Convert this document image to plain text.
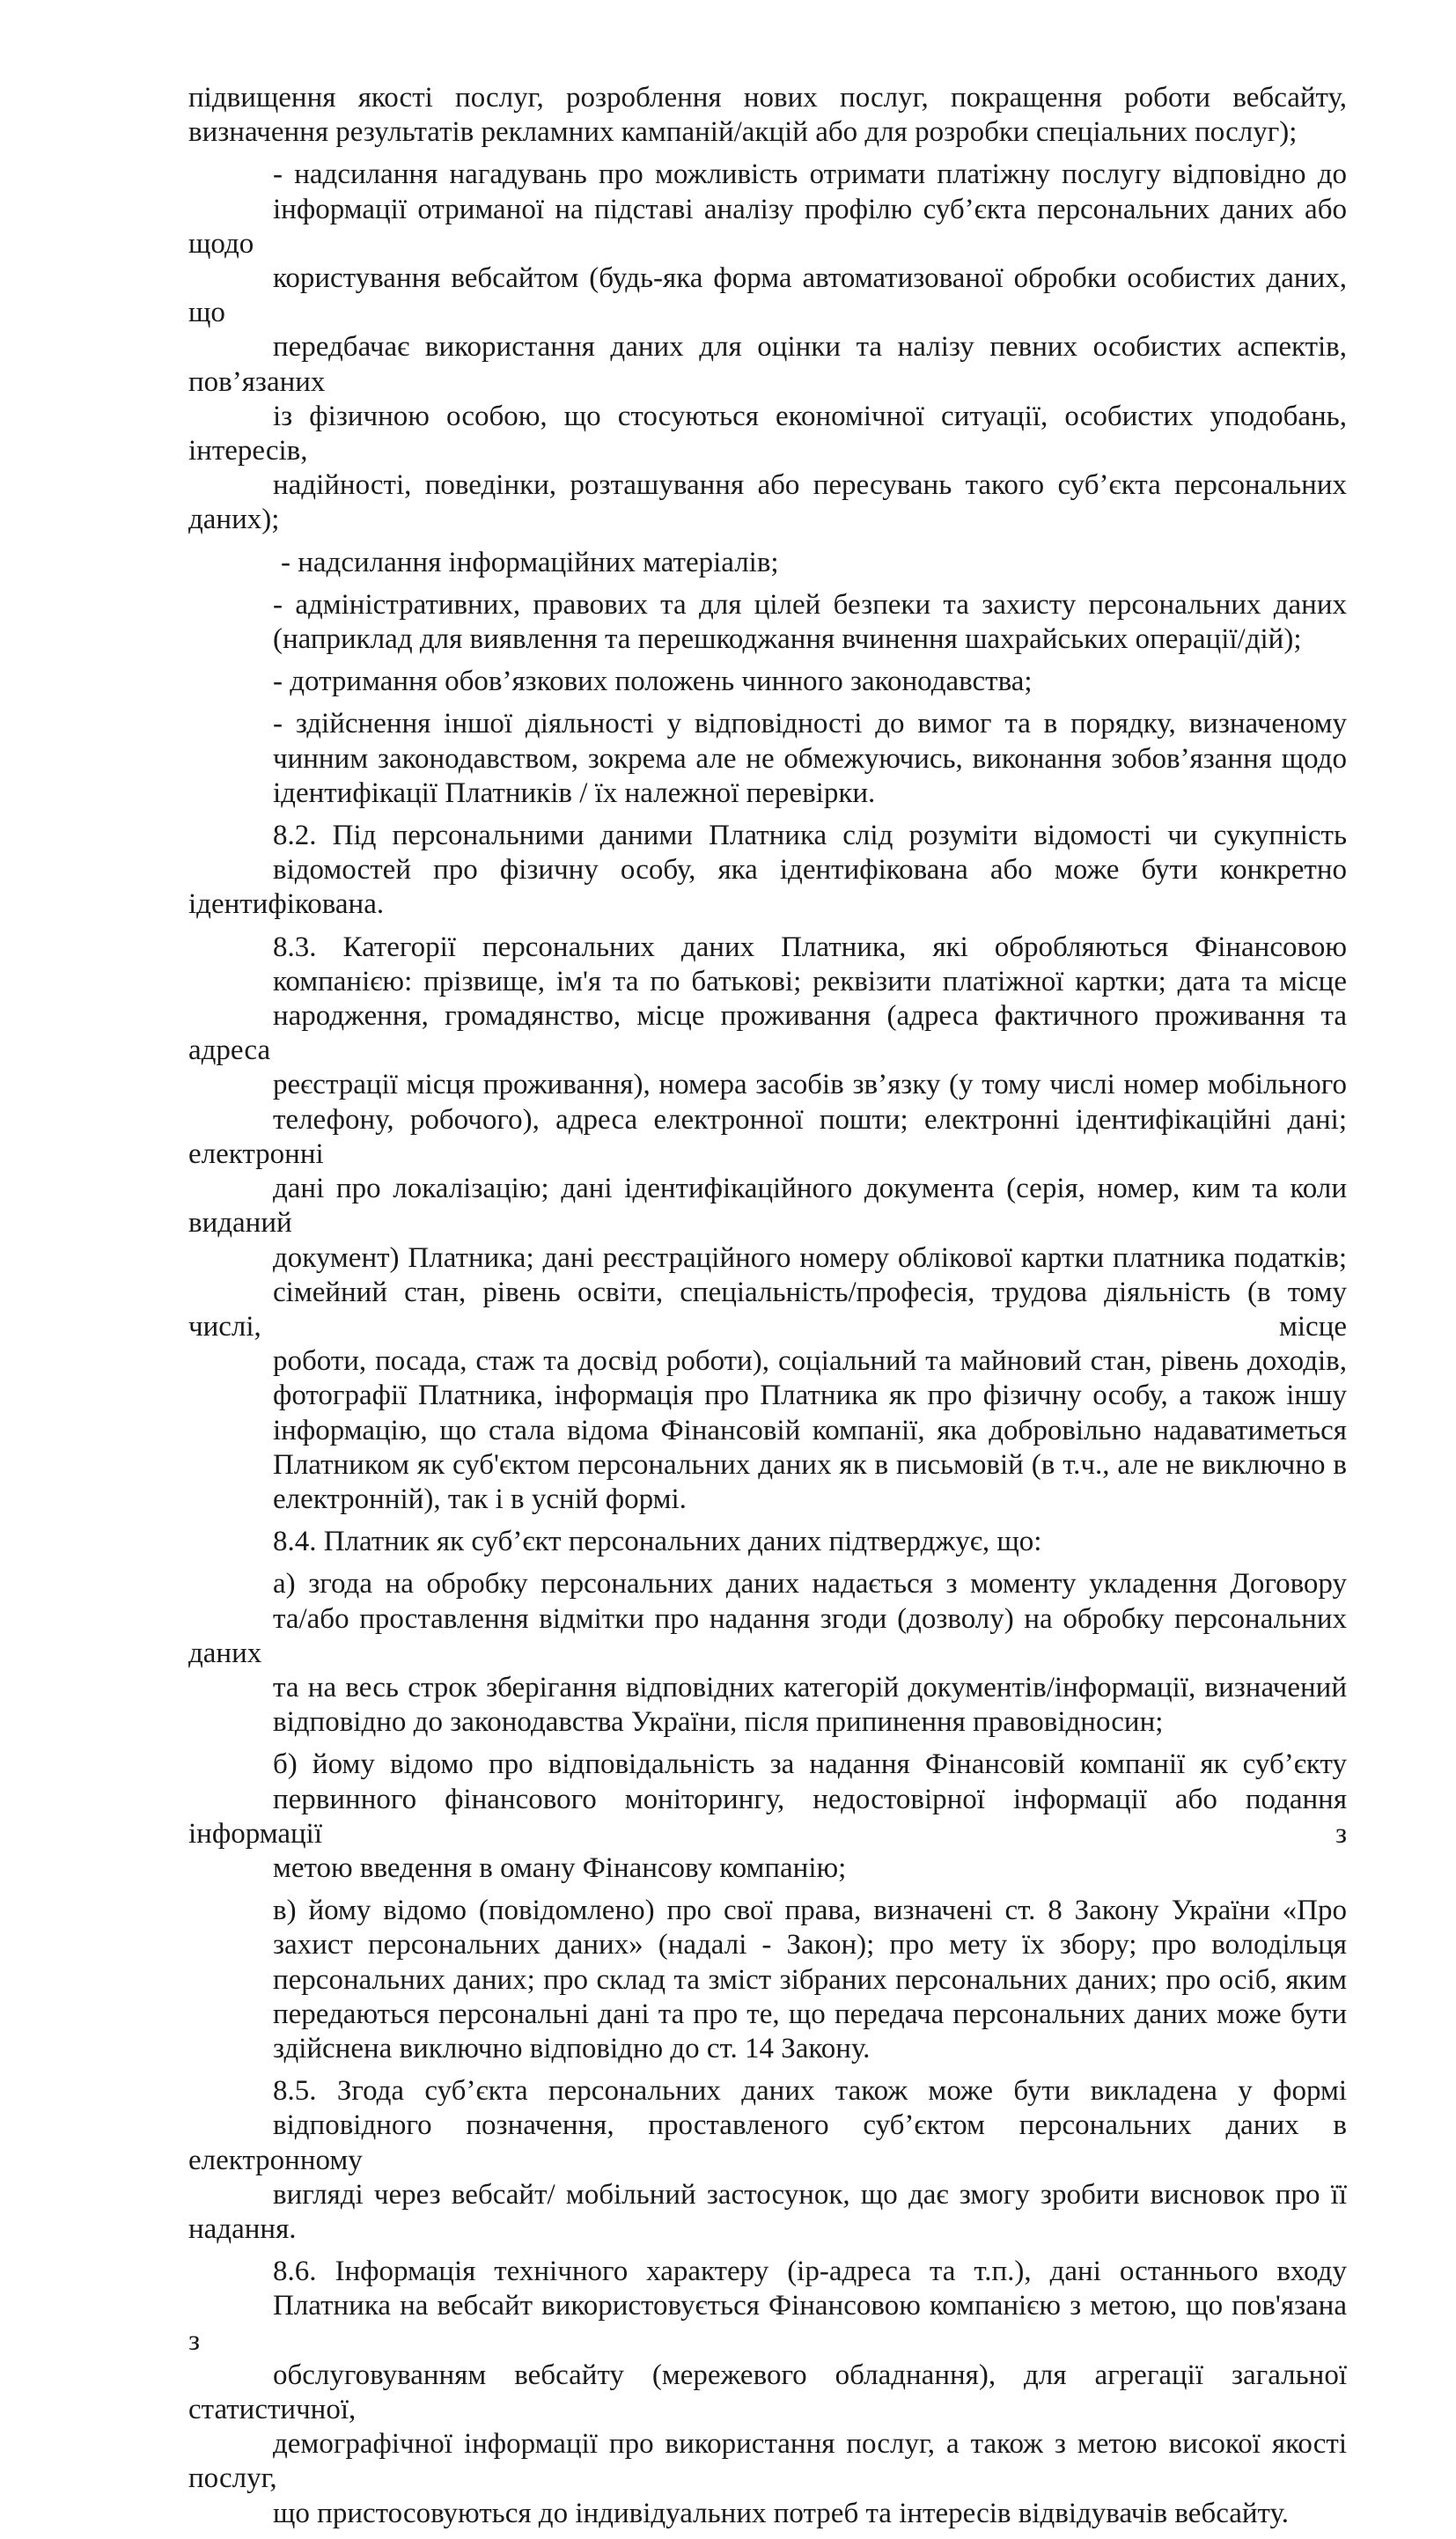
підвищення якості послуг, розроблення нових послуг, покращення роботи вебсайту,
визначення результатів рекламних кампаній/акцій або для розробки спеціальних послуг);

- надсилання нагадувань про можливість отримати платіжну послугу відповідно до
інформації отриманої на підставі аналізу профілю суб’єкта персональних даних або щодо
користування вебсайтом (будь-яка форма автоматизованої обробки особистих даних, що
передбачає використання даних для оцінки та налізу певних особистих аспектів, пов’язаних
із фізичною особою, що стосуються економічної ситуації, особистих уподобань, інтересів,
надійності, поведінки, розташування або пересувань такого суб’єкта персональних даних);

- надсилання інформаційних матеріалів;

- адміністративних, правових та для цілей безпеки та захисту персональних даних
(наприклад для виявлення та перешкоджання вчинення шахрайських операції/дій);

- дотримання обов’язкових положень чинного законодавства;

- здійснення іншої діяльності у відповідності до вимог та в порядку, визначеному
чинним законодавством, зокрема але не обмежуючись, виконання зобов’язання щодо
ідентифікації Платників / їх належної перевірки.

8.2. Під персональними даними Платника слід розуміти відомості чи сукупність
відомостей про фізичну особу, яка ідентифікована або може бути конкретно ідентифікована.

8.3. Категорії персональних даних Платника, які обробляються Фінансовою
компанією: прізвище, ім'я та по батькові; реквізити платіжної картки; дата та місце
народження, громадянство, місце проживання (адреса фактичного проживання та адреса
реєстрації місця проживання), номера засобів зв’язку (у тому числі номер мобільного
телефону, робочого), адреса електронної пошти; електронні ідентифікаційні дані; електронні
дані про локалізацію; дані ідентифікаційного документа (серія, номер, ким та коли виданий
документ) Платника; дані реєстраційного номеру облікової картки платника податків;
сімейний стан, рівень освіти, спеціальність/професія, трудова діяльність (в тому числі, місце
роботи, посада, стаж та досвід роботи), соціальний та майновий стан, рівень доходів,
фотографії Платника, інформація про Платника як про фізичну особу, а також іншу
інформацію, що стала відома Фінансовій компанії, яка добровільно надаватиметься
Платником як суб'єктом персональних даних як в письмовій (в т.ч., але не виключно в
електронній), так і в усній формі.

8.4. Платник як суб’єкт персональних даних підтверджує, що:

а) згода на обробку персональних даних надається з моменту укладення Договору
та/або проставлення відмітки про надання згоди (дозволу) на обробку персональних даних
та на весь строк зберігання відповідних категорій документів/інформації, визначений
відповідно до законодавства України, після припинення правовідносин;

б) йому відомо про відповідальність за надання Фінансовій компанії як суб’єкту
первинного фінансового моніторингу, недостовірної інформації або подання інформації з
метою введення в оману Фінансову компанію;

в) йому відомо (повідомлено) про свої права, визначені ст. 8 Закону України «Про
захист персональних даних» (надалі - Закон); про мету їх збору; про володільця
персональних даних; про склад та зміст зібраних персональних даних; про осіб, яким
передаються персональні дані та про те, що передача персональних даних може бути
здійснена виключно відповідно до ст. 14 Закону.

8.5. Згода суб’єкта персональних даних також може бути викладена у формі
відповідного позначення, проставленого суб’єктом персональних даних в електронному
вигляді через вебсайт/ мобільний застосунок, що дає змогу зробити висновок про її надання.

8.6. Інформація технічного характеру (ip-адреса та т.п.), дані останнього входу
Платника на вебсайт використовується Фінансовою компанією з метою, що пов'язана з
обслуговуванням вебсайту (мережевого обладнання), для агрегації загальної статистичної,
демографічної інформації про використання послуг, а також з метою високої якості послуг,
що пристосовуються до індивідуальних потреб та інтересів відвідувачів вебсайту.
